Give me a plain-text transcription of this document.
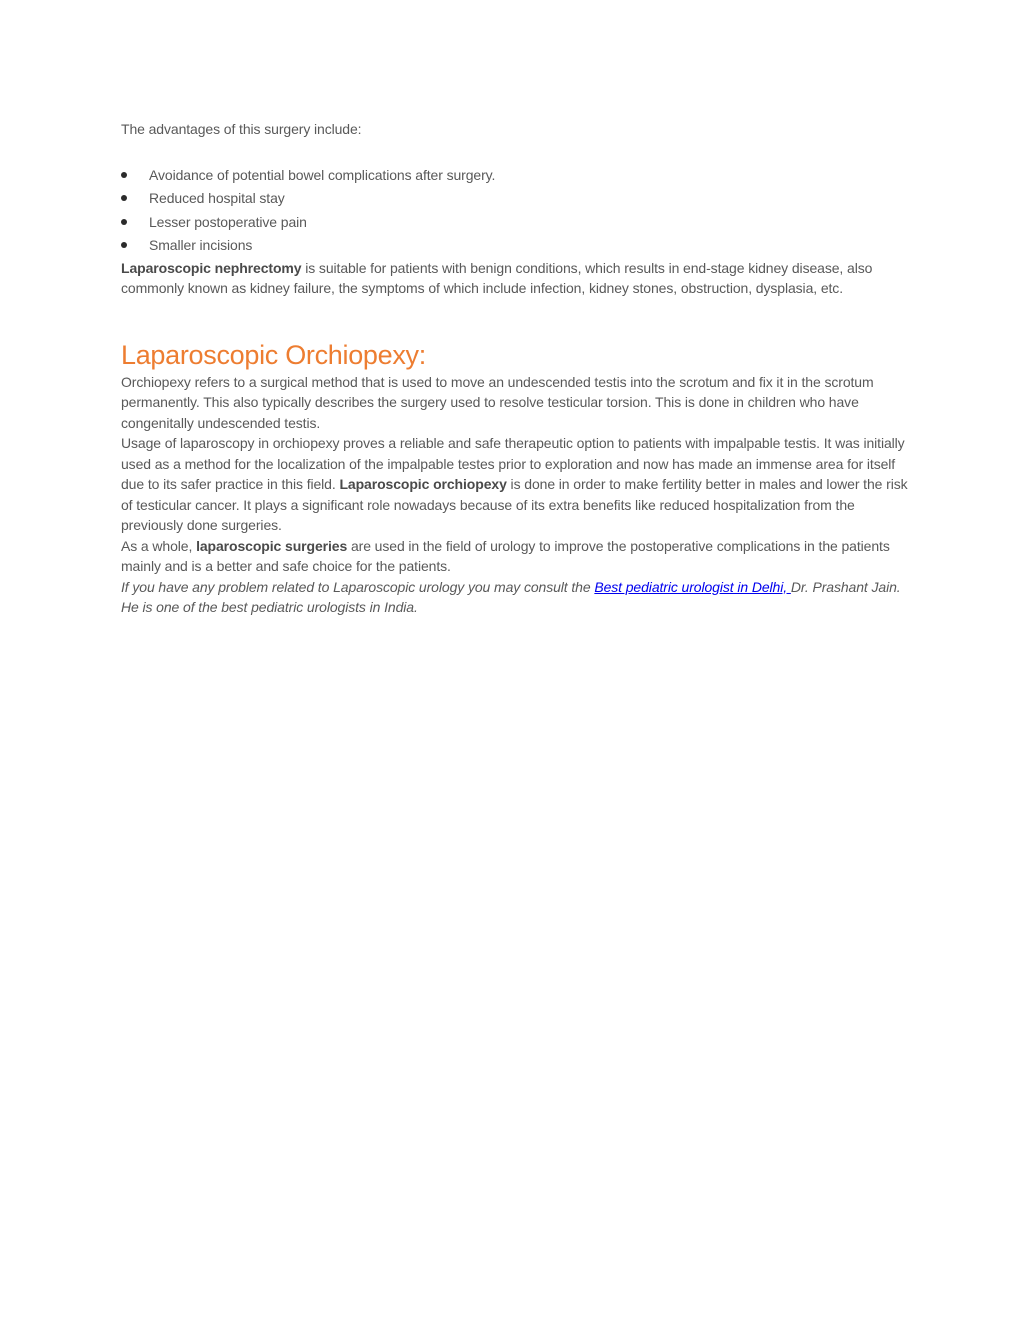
The advantages of this surgery include:

Avoidance of potential bowel complications after surgery.
Reduced hospital stay
Lesser postoperative pain
Smaller incisions

Laparoscopic nephrectomy is suitable for patients with benign conditions, which results in end-stage kidney disease, also commonly known as kidney failure, the symptoms of which include infection, kidney stones, obstruction, dysplasia, etc.

Laparoscopic Orchiopexy:

Orchiopexy refers to a surgical method that is used to move an undescended testis into the scrotum and fix it in the scrotum permanently. This also typically describes the surgery used to resolve testicular torsion. This is done in children who have congenitally undescended testis.

Usage of laparoscopy in orchiopexy proves a reliable and safe therapeutic option to patients with impalpable testis. It was initially used as a method for the localization of the impalpable testes prior to exploration and now has made an immense area for itself due to its safer practice in this field. Laparoscopic orchiopexy is done in order to make fertility better in males and lower the risk of testicular cancer. It plays a significant role nowadays because of its extra benefits like reduced hospitalization from the previously done surgeries.

As a whole, laparoscopic surgeries are used in the field of urology to improve the postoperative complications in the patients mainly and is a better and safe choice for the patients.

If you have any problem related to Laparoscopic urology you may consult the Best pediatric urologist in Delhi, Dr. Prashant Jain. He is one of the best pediatric urologists in India.
